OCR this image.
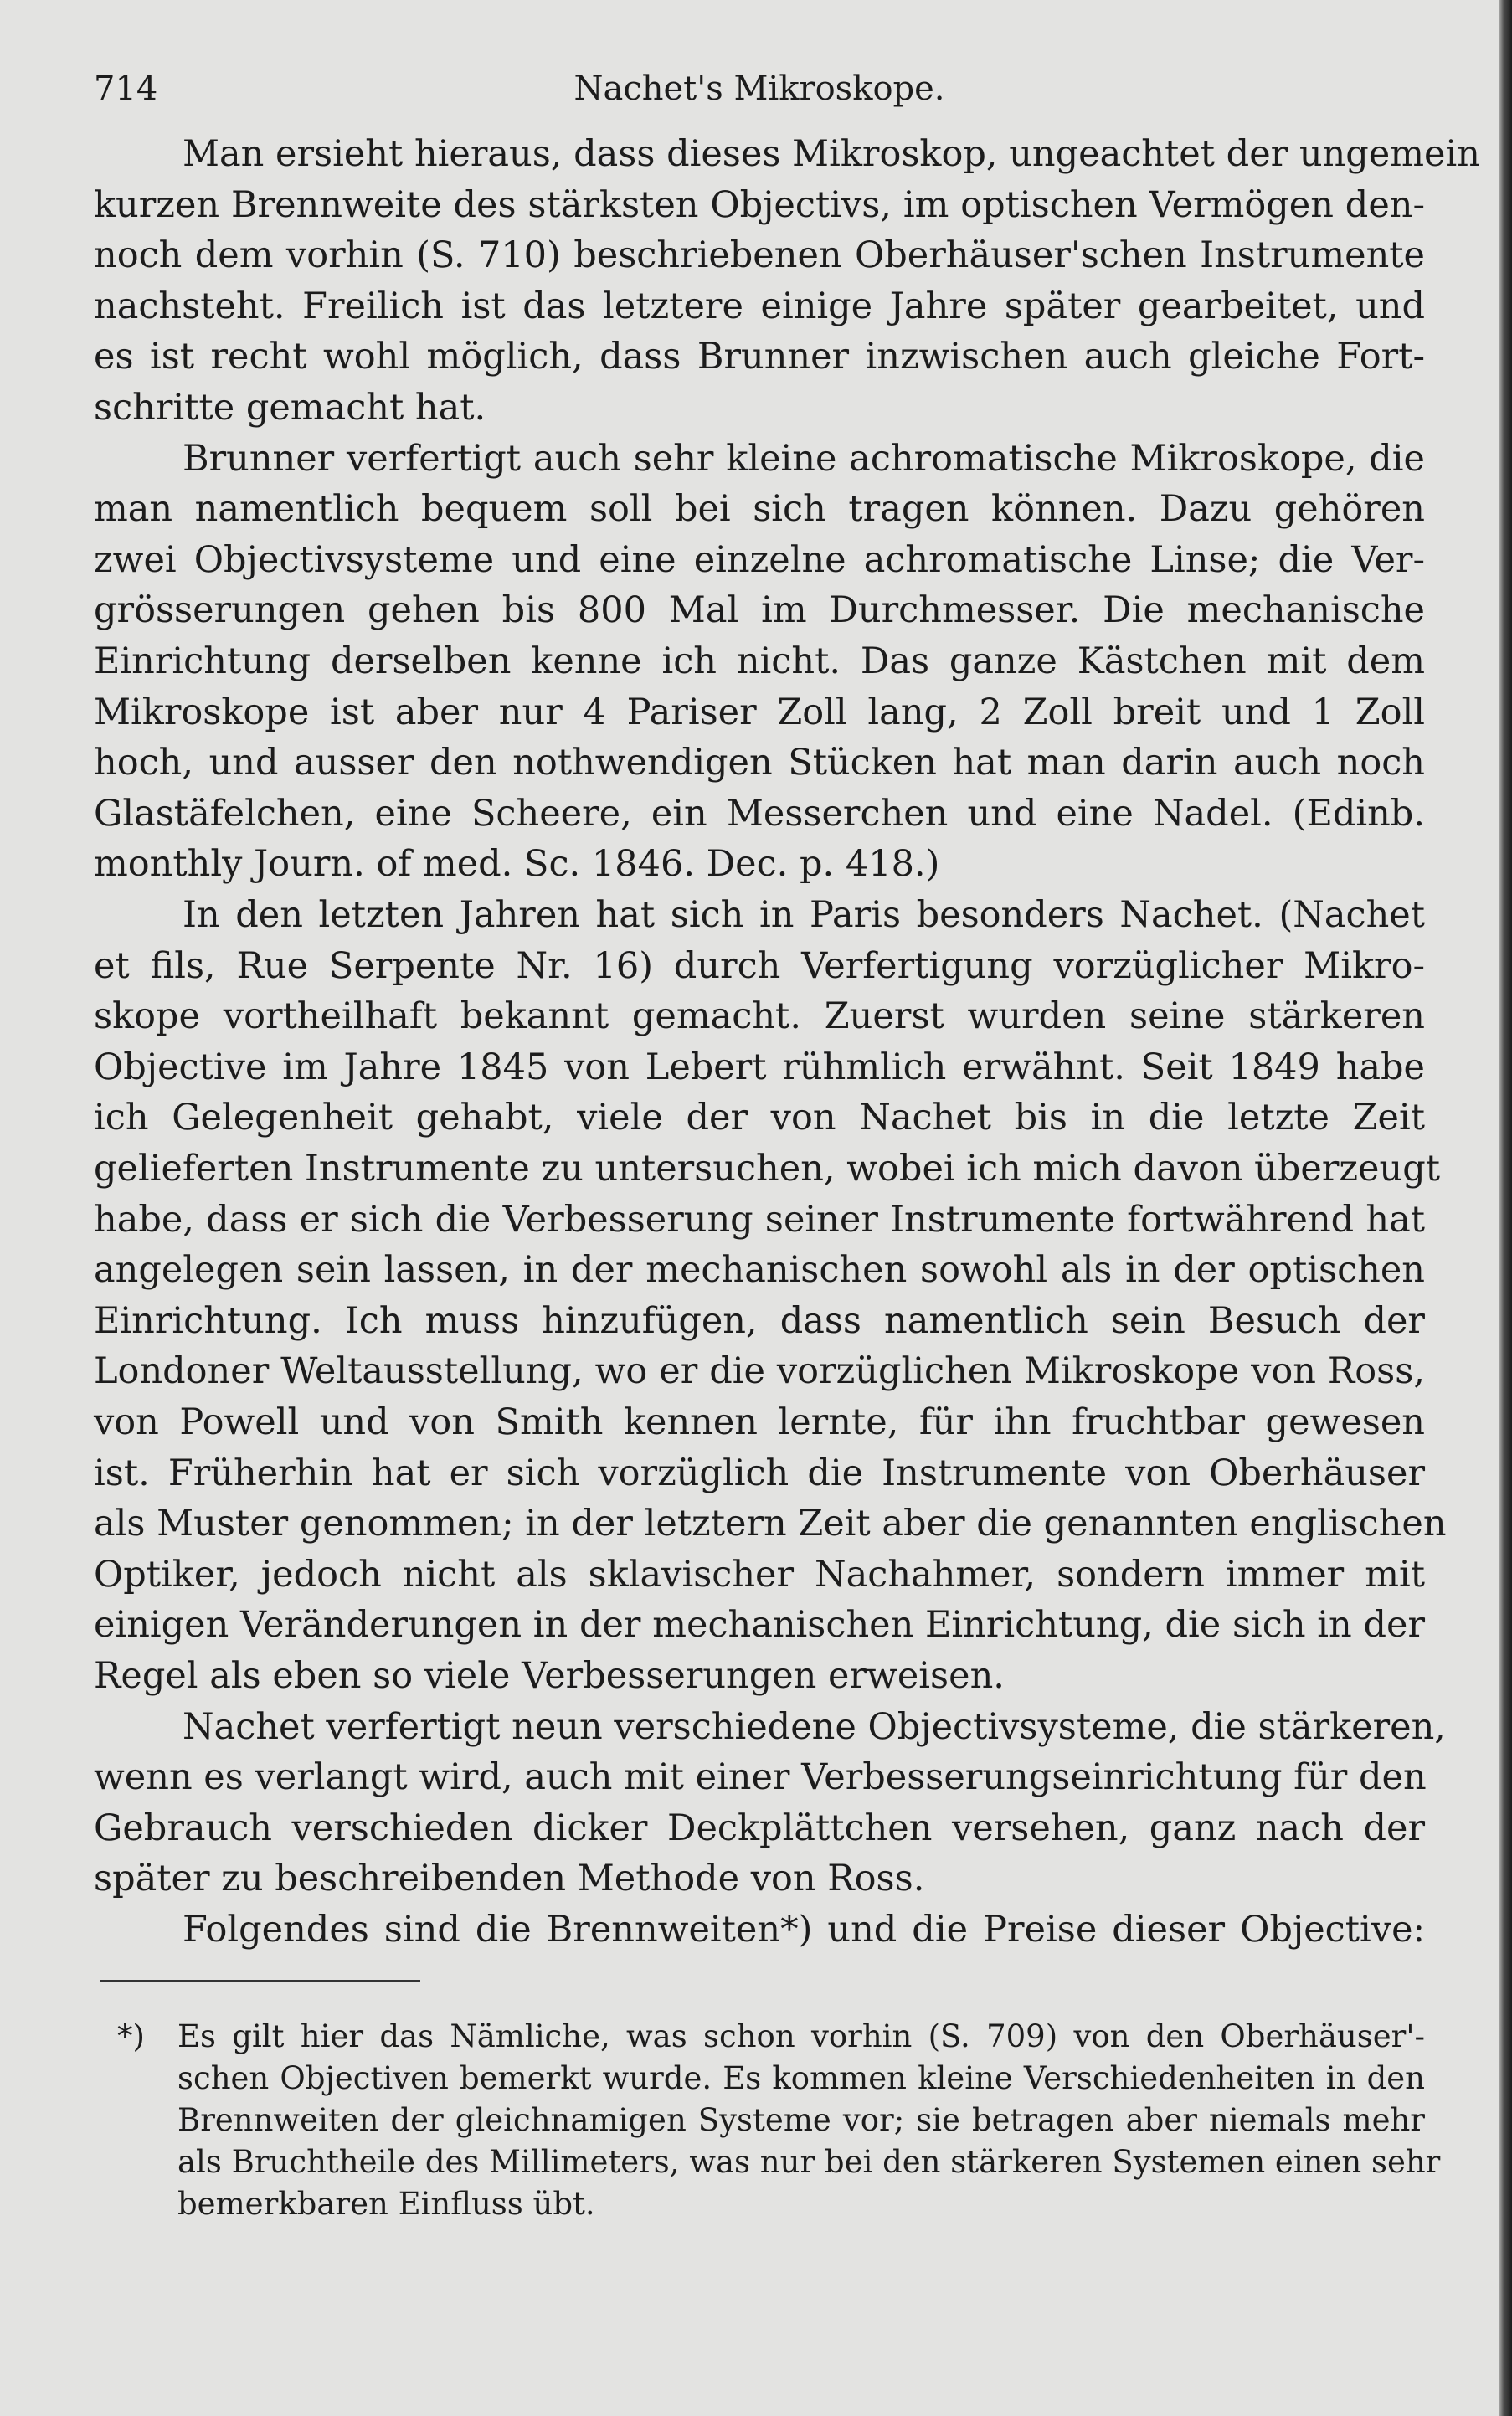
714	Nachet's Mikroskope.
Man ersieht hieraus, dass dieses Mikroskop, ungeachtet der ungemein
kurzen Brennweite des stärksten Objectivs, im optischen Vermögen den-
noch dem vorhin (S. 710) beschriebenen Oberhäuser'schen Instrumente
nachsteht. Freilich ist das letztere einige Jahre später gearbeitet, und
es ist recht wohl möglich, dass Brunner inzwischen auch gleiche Fort-
schritte gemacht hat.
Brunner verfertigt auch sehr kleine achromatische Mikroskope, die
man namentlich bequem soll bei sich tragen können. Dazu gehören
zwei Objectivsysteme und eine einzelne achromatische Linse; die Ver-
grösserungen gehen bis 800 Mal im Durchmesser. Die mechanische
Einrichtung derselben kenne ich nicht. Das ganze Kästchen mit dem
Mikroskope ist aber nur 4 Pariser Zoll lang, 2 Zoll breit und 1 Zoll
hoch, und ausser den nothwendigen Stücken hat man darin auch noch
Glastäfelchen, eine Scheere, ein Messerchen und eine Nadel. (Edinb.
monthly Journ. of med. Sc. 1846. Dec. p. 418.)
In den letzten Jahren hat sich in Paris besonders Nachet. (Nachet
et fils, Rue Serpente Nr. 16) durch Verfertigung vorzüglicher Mikro-
skope vortheilhaft bekannt gemacht. Zuerst wurden seine stärkeren
Objective im Jahre 1845 von Lebert rühmlich erwähnt. Seit 1849 habe
ich Gelegenheit gehabt, viele der von Nachet bis in die letzte Zeit
gelieferten Instrumente zu untersuchen, wobei ich mich davon überzeugt
habe, dass er sich die Verbesserung seiner Instrumente fortwährend hat
angelegen sein lassen, in der mechanischen sowohl als in der optischen
Einrichtung. Ich muss hinzufügen, dass namentlich sein Besuch der
Londoner Weltausstellung, wo er die vorzüglichen Mikroskope von Ross,
von Powell und von Smith kennen lernte, für ihn fruchtbar gewesen
ist. Früherhin hat er sich vorzüglich die Instrumente von Oberhäuser
als Muster genommen; in der letztern Zeit aber die genannten englischen
Optiker, jedoch nicht als sklavischer Nachahmer, sondern immer mit
einigen Veränderungen in der mechanischen Einrichtung, die sich in der
Regel als eben so viele Verbesserungen erweisen.
Nachet verfertigt neun verschiedene Objectivsysteme, die stärkeren,
wenn es verlangt wird, auch mit einer Verbesserungseinrichtung für den
Gebrauch verschieden dicker Deckplättchen versehen, ganz nach der
später zu beschreibenden Methode von Ross.
Folgendes sind die Brennweiten*) und die Preise dieser Objective:
*) Es gilt hier das Nämliche, was schon vorhin (S. 709) von den Oberhäuser'-
schen Objectiven bemerkt wurde. Es kommen kleine Verschiedenheiten in den
Brennweiten der gleichnamigen Systeme vor; sie betragen aber niemals mehr
als Bruchtheile des Millimeters, was nur bei den stärkeren Systemen einen sehr
bemerkbaren Einfluss übt.
